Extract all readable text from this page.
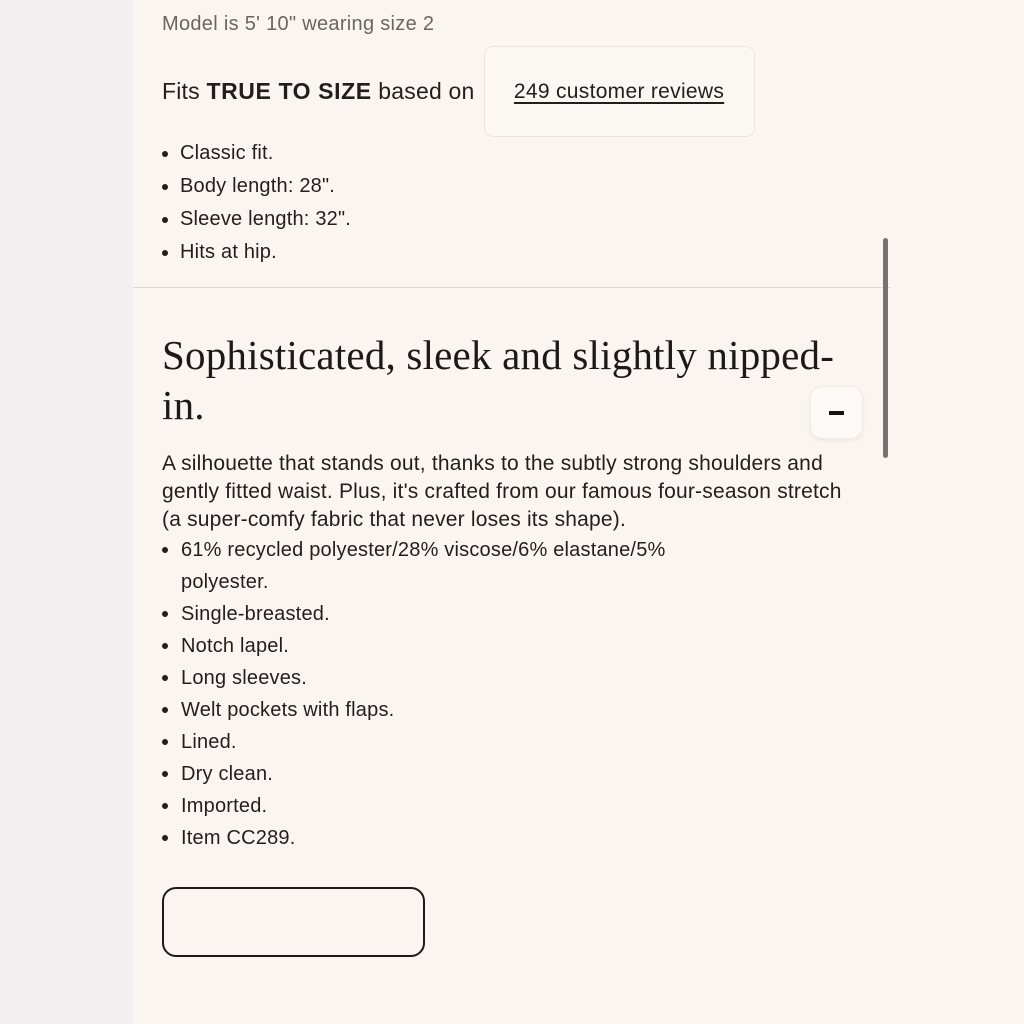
Model is 5' 10" wearing size 2

Fits TRUE TO SIZE based on 249 customer reviews
Classic fit.
Body length: 28".
Sleeve length: 32".
Hits at hip.
Sophisticated, sleek and slightly nipped-in.

A silhouette that stands out, thanks to the subtly strong shoulders and gently fitted waist. Plus, it's crafted from our famous four-season stretch (a super-comfy fabric that never loses its shape).

61% recycled polyester/28% viscose/6% elastane/5% polyester.
Single-breasted.
Notch lapel.
Long sleeves.
Welt pockets with flaps.
Lined.
Dry clean.
Imported.
Item CC289.
